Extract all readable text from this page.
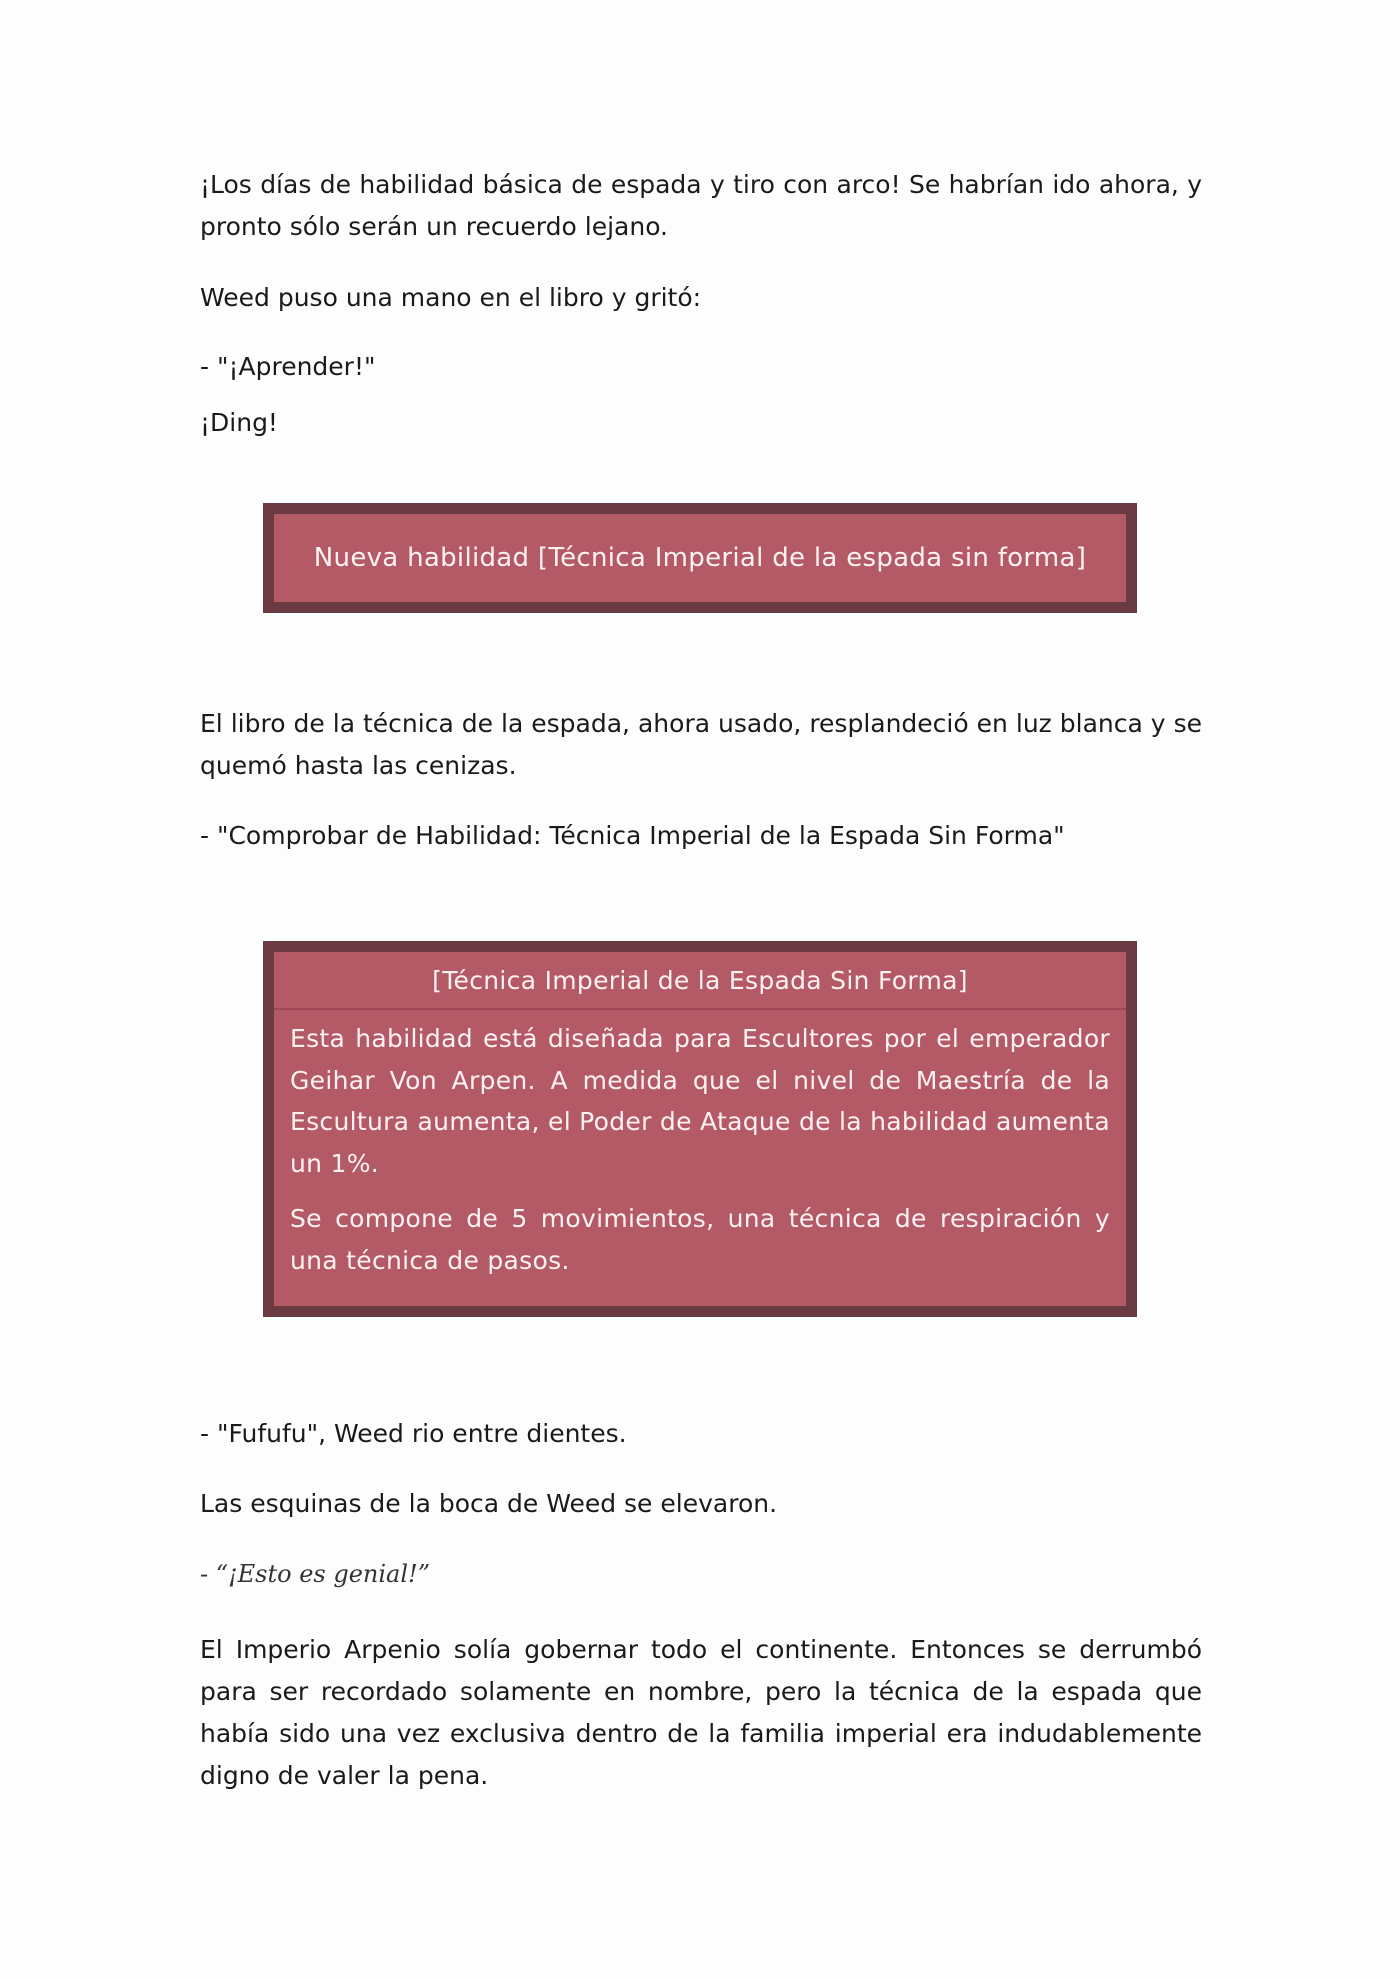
¡Los días de habilidad básica de espada y tiro con arco! Se habrían ido ahora, y pronto sólo serán un recuerdo lejano.

Weed puso una mano en el libro y gritó:

- "¡Aprender!"

¡Ding!

Nueva habilidad [Técnica Imperial de la espada sin forma]

El libro de la técnica de la espada, ahora usado, resplandeció en luz blanca y se quemó hasta las cenizas.

- "Comprobar de Habilidad: Técnica Imperial de la Espada Sin Forma"

[Técnica Imperial de la Espada Sin Forma]

Esta habilidad está diseñada para Escultores por el emperador Geihar Von Arpen. A medida que el nivel de Maestría de la Escultura aumenta, el Poder de Ataque de la habilidad aumenta un 1%.

Se compone de 5 movimientos, una técnica de respiración y una técnica de pasos.

- "Fufufu", Weed rio entre dientes.

Las esquinas de la boca de Weed se elevaron.

- “¡Esto es genial!”

El Imperio Arpenio solía gobernar todo el continente. Entonces se derrumbó para ser recordado solamente en nombre, pero la técnica de la espada que había sido una vez exclusiva dentro de la familia imperial era indudablemente digno de valer la pena.
